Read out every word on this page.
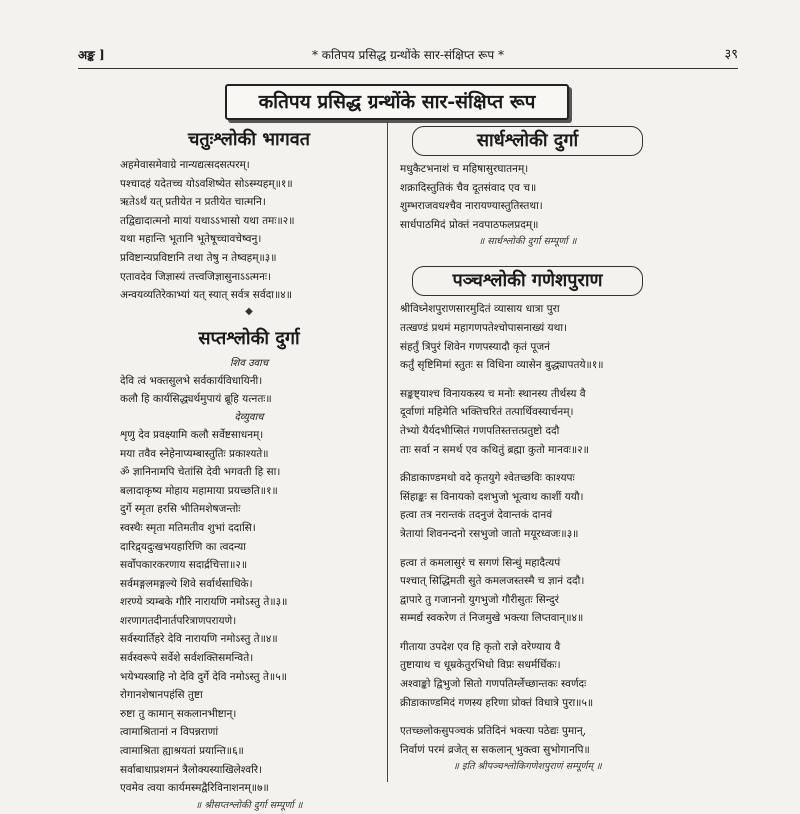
अङ्क ]	* कतिपय प्रसिद्ध ग्रन्थोंके सार-संक्षिप्त रूप *	३९
कतिपय प्रसिद्ध ग्रन्थोंके सार-संक्षिप्त रूप
चतुःश्लोकी भागवत
अहमेवासमेवाग्रे नान्यद्यत्सदसत्परम्।
पश्चादहं यदेतच्च योऽवशिष्येत सोऽस्म्यहम्॥१॥
ऋतेऽर्थं यत् प्रतीयेत न प्रतीयेत चात्मनि।
तद्विद्यादात्मनो मायां यथाऽऽभासो यथा तमः॥२॥
यथा महान्ति भूतानि भूतेषूच्चावचेष्वनु।
प्रविष्टान्यप्रविष्टानि तथा तेषु न तेष्वहम्॥३॥
एतावदेव जिज्ञास्यं तत्त्वजिज्ञासुनाऽऽत्मनः।
अन्वयव्यतिरेकाभ्यां यत् स्यात् सर्वत्र सर्वदा॥४॥
◆
सप्तश्लोकी दुर्गा
शिव उवाच
देवि त्वं भक्तसुलभे सर्वकार्यविधायिनी।
कलौ हि कार्यसिद्ध्यर्थमुपायं ब्रूहि यत्नतः॥
देव्युवाच
शृणु देव प्रवक्ष्यामि कलौ सर्वेष्टसाधनम्।
मया तवैव स्नेहेनाप्यम्बास्तुतिः प्रकाश्यते॥
ॐ ज्ञानिनामपि चेतांसि देवी भगवती हि सा।
बलादाकृष्य मोहाय महामाया प्रयच्छति॥१॥
दुर्गे स्मृता हरसि भीतिमशेषजन्तोः
स्वस्थैः स्मृता मतिमतीव शुभां ददासि।
दारिद्र्यदुःखभयहारिणि का त्वदन्या
सर्वोपकारकरणाय सदार्द्रचित्ता॥२॥
सर्वमङ्गलमङ्गल्ये शिवे सर्वार्थसाधिके।
शरण्ये त्र्यम्बके गौरि नारायणि नमोऽस्तु ते॥३॥
शरणागतदीनार्तपरित्राणपरायणे।
सर्वस्यार्तिहरे देवि नारायणि नमोऽस्तु ते॥४॥
सर्वस्वरूपे सर्वेशे सर्वशक्तिसमन्विते।
भयेभ्यस्त्राहि नो देवि दुर्गे देवि नमोऽस्तु ते॥५॥
रोगानशेषानपहंसि तुष्टा
रुष्टा तु कामान् सकलानभीष्टान्।
त्वामाश्रितानां न विपन्नराणां
त्वामाश्रिता ह्याश्रयतां प्रयान्ति॥६॥
सर्वाबाधाप्रशमनं त्रैलोक्यस्याखिलेश्वरि।
एवमेव त्वया कार्यमस्मद्वैरिविनाशनम्॥७॥
॥ श्रीसप्तश्लोकी दुर्गा सम्पूर्णा ॥
सार्धश्लोकी दुर्गा
मधुकैटभनाशं च महिषासुरघातनम्।
शक्रादिस्तुतिकं चैव दूतसंवाद एव च॥
शुम्भराजवधश्चैव नारायण्यास्तुतिस्तथा।
सार्धपाठमिदं प्रोक्तं नवपाठफलप्रदम्॥
॥ सार्धश्लोकी दुर्गा सम्पूर्णा ॥
पञ्चश्लोकी गणेशपुराण
श्रीविघ्नेशपुराणसारमुदितं व्यासाय धात्रा पुरा
तत्खण्डं प्रथमं महागणपतेश्चोपासनाख्यं यथा।
संहर्तुं त्रिपुरं शिवेन गणपस्यादौ कृतं पूजनं
कर्तुं सृष्टिमिमां स्तुतः स विधिना व्यासेन बुद्ध्यापतये॥१॥
सङ्कष्ट्याश्च विनायकस्य च मनोः स्थानस्य तीर्थस्य वै
दूर्वाणां महिमेति भक्तिचरितं तत्पार्थिवस्यार्चनम्।
तेभ्यो यैर्यदभीप्सितं गणपतिस्तत्तत्प्रतुष्टो ददौ
ताः सर्वा न समर्थ एव कथितुं ब्रह्मा कुतो मानवः॥२॥
क्रीडाकाण्डमथो वदे कृतयुगे श्वेतच्छविः काश्यपः
सिंहाङ्कः स विनायको दशभुजो भूत्वाथ काशीं ययौ।
हत्वा तत्र नरान्तकं तदनुजं देवान्तकं दानवं
त्रेतायां शिवनन्दनो रसभुजो जातो मयूरध्वजः॥३॥
हत्वा तं कमलासुरं च सगणं सिन्धुं महादैत्यपं
पश्चात् सिद्धिमती सुते कमलजस्तस्मै च ज्ञानं ददौ।
द्वापारे तु गजाननो युगभुजो गौरीसुतः सिन्दुरं
सम्मर्द्य स्वकरेण तं निजमुखे भक्त्या लिप्तवान्॥४॥
गीताया उपदेश एव हि कृतो राज्ञे वरेण्याय वै
तुष्टायाथ च धूम्रकेतुरभिधो विप्रः सधर्मर्धिकः।
अश्वाङ्को द्विभुजो सितो गणपतिर्म्लेच्छान्तकः स्वर्णदः
क्रीडाकाण्डमिदं गणस्य हरिणा प्रोक्तं विधात्रे पुरा॥५॥
एतच्छ्लोकसुपञ्चकं प्रतिदिनं भक्त्या पठेद्यः पुमान्,
निर्वाणं परमं व्रजेत् स सकलान् भुक्त्वा सुभोगानपि॥
॥ इति श्रीपञ्चश्लोकिगणेशपुराणं सम्पूर्णम् ॥
